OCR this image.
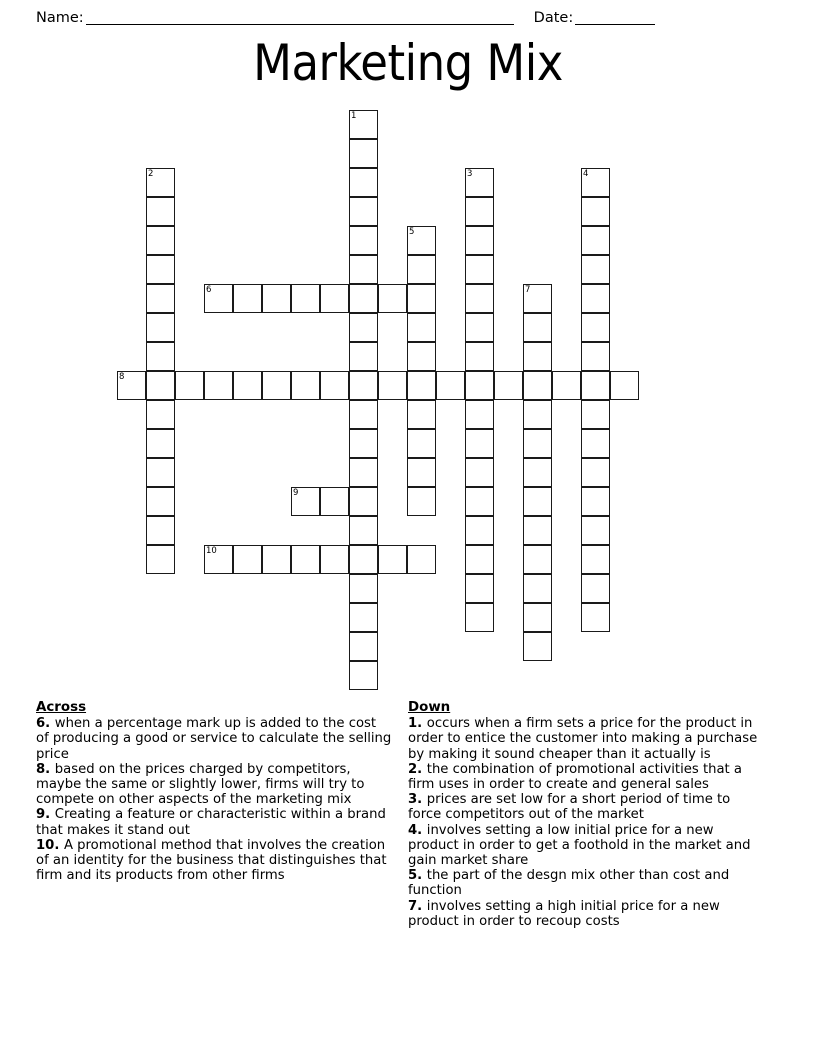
Name:	Date:
Marketing Mix
1
2	3	4
5
6	7
8
9
10
Across

6. when a percentage mark up is added to the cost of producing a good or service to calculate the selling price

8. based on the prices charged by competitors, maybe the same or slightly lower, firms will try to compete on other aspects of the marketing mix

9. Creating a feature or characteristic within a brand that makes it stand out

10. A promotional method that involves the creation of an identity for the business that distinguishes that firm and its products from other firms

Down

1. occurs when a firm sets a price for the product in order to entice the customer into making a purchase by making it sound cheaper than it actually is

2. the combination of promotional activities that a firm uses in order to create and general sales

3. prices are set low for a short period of time to force competitors out of the market

4. involves setting a low initial price for a new product in order to get a foothold in the market and gain market share

5. the part of the desgn mix other than cost and function

7. involves setting a high initial price for a new product in order to recoup costs
